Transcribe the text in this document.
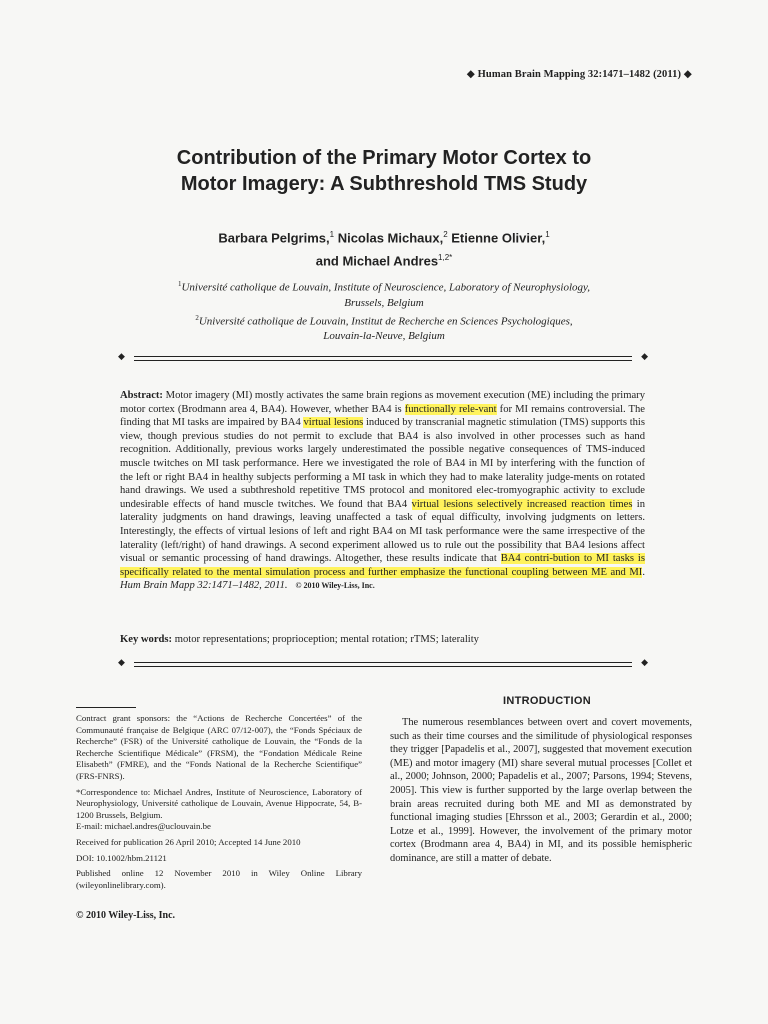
◆ Human Brain Mapping 32:1471–1482 (2011) ◆
Contribution of the Primary Motor Cortex to
Motor Imagery: A Subthreshold TMS Study
Barbara Pelgrims,$^1$ Nicolas Michaux,$^2$ Etienne Olivier,$^1$
and Michael Andres$^{1,2*}$
$^1$Université catholique de Louvain, Institute of Neuroscience, Laboratory of Neurophysiology,
Brussels, Belgium
$^2$Université catholique de Louvain, Institut de Recherche en Sciences Psychologiques,
Louvain-la-Neuve, Belgium
◆	◆
Abstract: Motor imagery (MI) mostly activates the same brain regions as movement execution (ME) including the primary motor cortex (Brodmann area 4, BA4). However, whether BA4 is functionally rele-vant for MI remains controversial. The finding that MI tasks are impaired by BA4 virtual lesions induced by transcranial magnetic stimulation (TMS) supports this view, though previous studies do not permit to exclude that BA4 is also involved in other processes such as hand recognition. Additionally, previous works largely underestimated the possible negative consequences of TMS-induced muscle twitches on MI task performance. Here we investigated the role of BA4 in MI by interfering with the function of the left or right BA4 in healthy subjects performing a MI task in which they had to make laterality judge-ments on rotated hand drawings. We used a subthreshold repetitive TMS protocol and monitored elec-tromyographic activity to exclude undesirable effects of hand muscle twitches. We found that BA4 virtual lesions selectively increased reaction times in laterality judgments on hand drawings, leaving unaffected a task of equal difficulty, involving judgments on letters. Interestingly, the effects of virtual lesions of left and right BA4 on MI task performance were the same irrespective of the laterality (left/right) of hand drawings. A second experiment allowed us to rule out the possibility that BA4 lesions affect visual or semantic processing of hand drawings. Altogether, these results indicate that BA4 contri-bution to MI tasks is specifically related to the mental simulation process and further emphasize the functional coupling between ME and MI. Hum Brain Mapp 32:1471–1482, 2011. © 2010 Wiley-Liss, Inc.
Key words: motor representations; proprioception; mental rotation; rTMS; laterality
◆	◆

Contract grant sponsors: the “Actions de Recherche Concertées” of the Communauté française de Belgique (ARC 07/12-007), the “Fonds Spéciaux de Recherche” (FSR) of the Université catholique de Louvain, the “Fonds de la Recherche Scientifique Médicale” (FRSM), the “Fondation Médicale Reine Elisabeth” (FMRE), and the “Fonds National de la Recherche Scientifique” (FRS-FNRS).

*Correspondence to: Michael Andres, Institute of Neuroscience, Laboratory of Neurophysiology, Université catholique de Louvain, Avenue Hippocrate, 54, B-1200 Brussels, Belgium.
E-mail: michael.andres@uclouvain.be

Received for publication 26 April 2010; Accepted 14 June 2010

DOI: 10.1002/hbm.21121

Published online 12 November 2010 in Wiley Online Library (wileyonlinelibrary.com).

© 2010 Wiley-Liss, Inc.
INTRODUCTION
The numerous resemblances between overt and covert movements, such as their time courses and the similitude of physiological responses they trigger [Papadelis et al., 2007], suggested that movement execution (ME) and motor imagery (MI) share several mutual processes [Collet et al., 2000; Johnson, 2000; Papadelis et al., 2007; Parsons, 1994; Stevens, 2005]. This view is further supported by the large overlap between the brain areas recruited during both ME and MI as demonstrated by functional imaging studies [Ehrsson et al., 2003; Gerardin et al., 2000; Lotze et al., 1999]. However, the involvement of the primary motor cortex (Brodmann area 4, BA4) in MI, and its possible hemispheric dominance, are still a matter of debate.
